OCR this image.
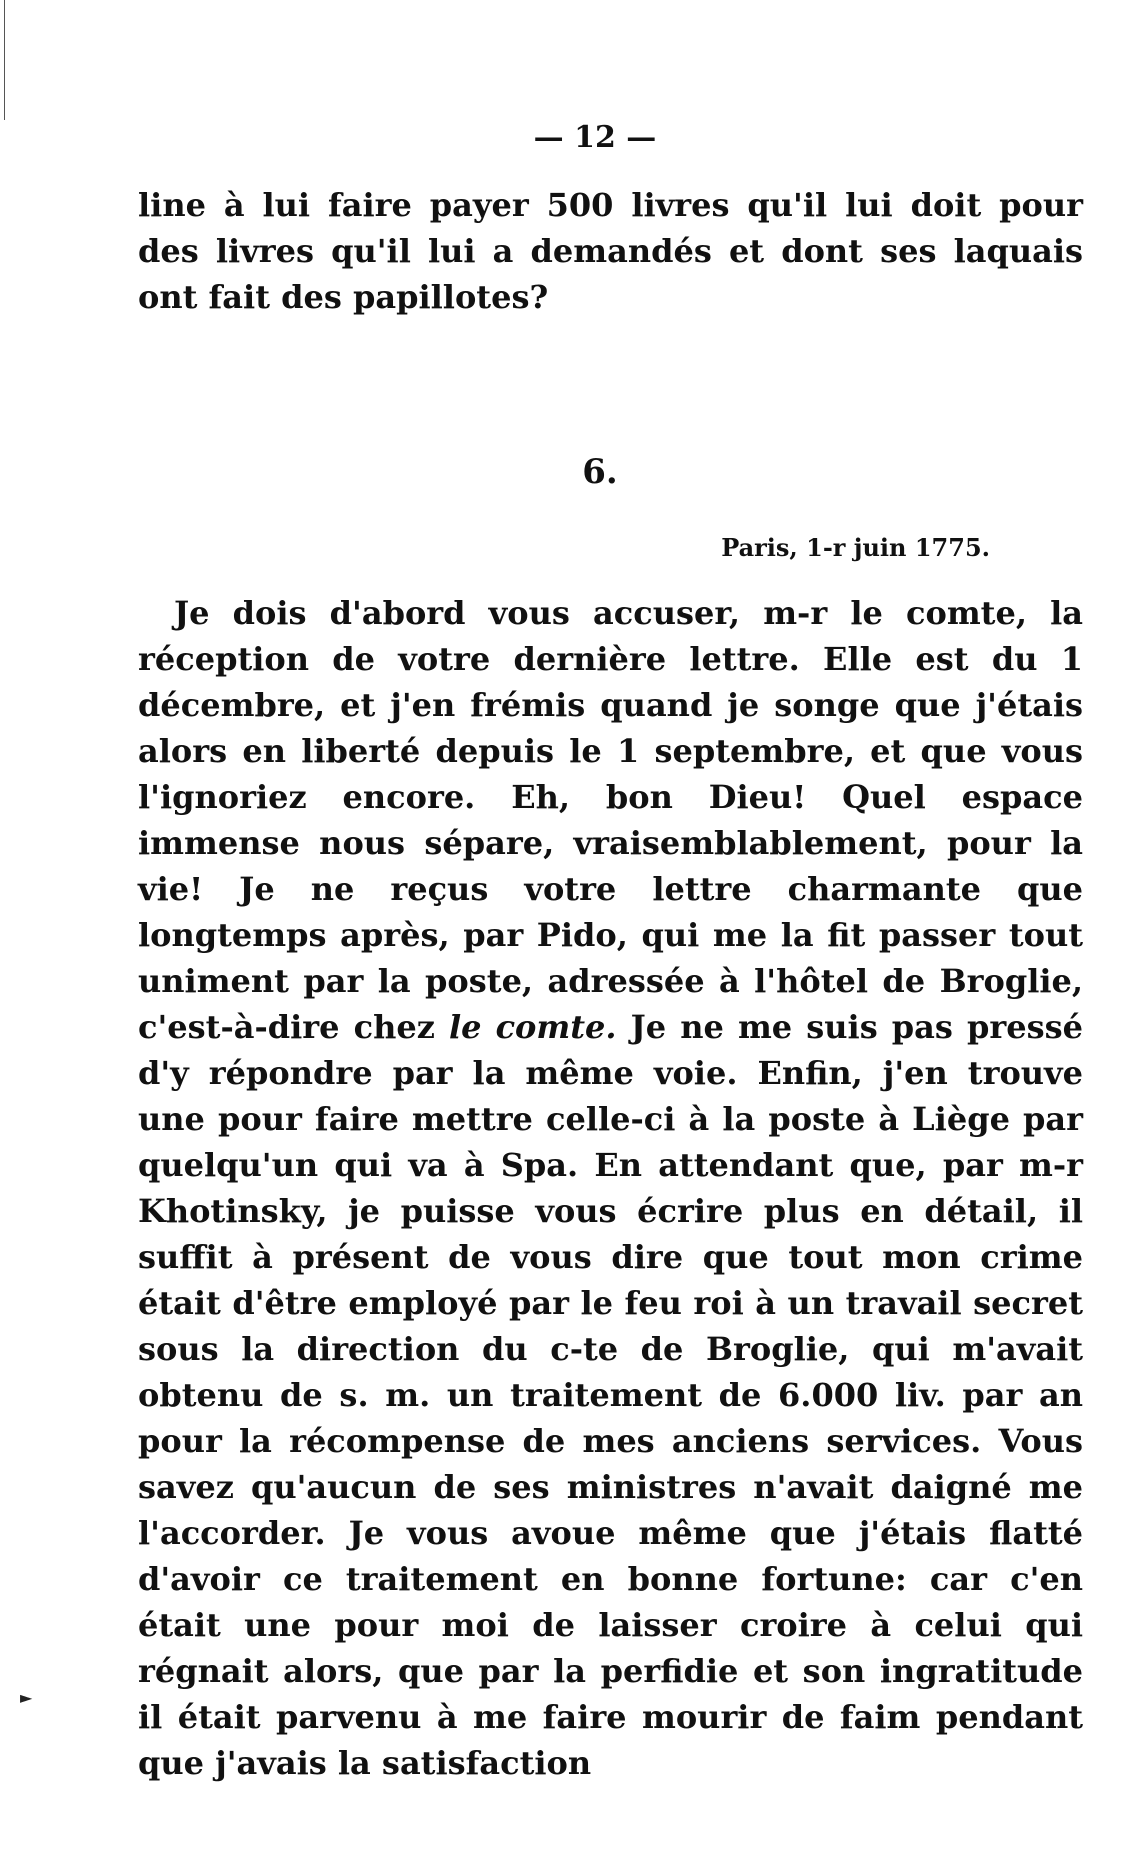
— 12 —

line à lui faire payer 500 livres qu'il lui doit pour des livres qu'il lui a demandés et dont ses laquais ont fait des papillotes?

6.
Paris, 1-r juin 1775.

Je dois d'abord vous accuser, m-r le comte, la réception de votre dernière lettre. Elle est du 1 décembre, et j'en frémis quand je songe que j'étais alors en liberté depuis le 1 septembre, et que vous l'ignoriez encore. Eh, bon Dieu! Quel espace immense nous sépare, vraisemblablement, pour la vie! Je ne reçus votre lettre charmante que longtemps après, par Pido, qui me la fit passer tout uniment par la poste, adressée à l'hôtel de Broglie, c'est-à-dire chez le comte. Je ne me suis pas pressé d'y répondre par la même voie. Enfin, j'en trouve une pour faire mettre celle-ci à la poste à Liège par quelqu'un qui va à Spa. En attendant que, par m-r Khotinsky, je puisse vous écrire plus en détail, il suffit à présent de vous dire que tout mon crime était d'être employé par le feu roi à un travail secret sous la direction du c-te de Broglie, qui m'avait obtenu de s. m. un traitement de 6.000 liv. par an pour la récompense de mes anciens services. Vous savez qu'aucun de ses ministres n'avait daigné me l'accorder. Je vous avoue même que j'étais flatté d'avoir ce traitement en bonne fortune: car c'en était une pour moi de laisser croire à celui qui régnait alors, que par la perfidie et son ingratitude il était parvenu à me faire mourir de faim pendant que j'avais la satisfaction

►
